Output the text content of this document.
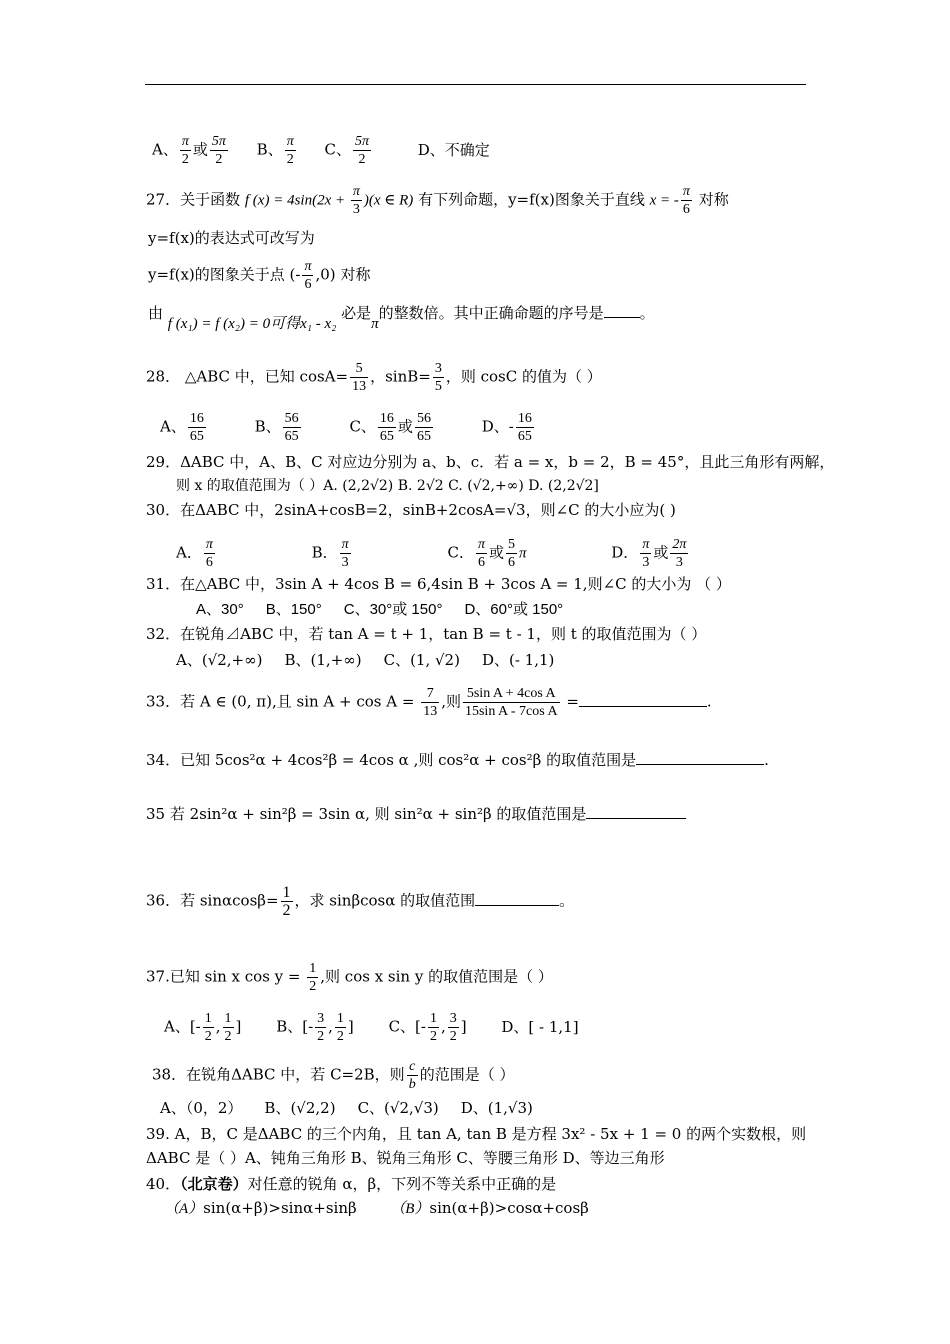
A、 $\frac{\pi}{2}$ 或 $\frac{5\pi}{2}$ B、 $\frac{\pi}{2}$ C、 $\frac{5\pi}{2}$	D、不确定
27．关于函数 f $(x) = 4\sin(2x + \frac{\pi}{3} )(x$ ∈ R) 有下列命题，y=f(x)图象关于直线 x = - $\frac{\pi}{6}$ 对称
y=f(x)的表达式可改写为
y=f(x)的图象关于点 (- $\frac{\pi}{6} ,0$) 对称
由 f (x₁) = f (x₂) = 0可得x₁ - x₂ 必是π的整数倍。其中正确命题的序号是 。
28． △ABC 中，已知 $\cos A= \frac{5}{13}$ ，$\sin B= \frac{3}{5}$ ，则 cosC 的值为（ ）
A、 $\frac{16}{65}$	B、 $\frac{56}{65}$	C、 $\frac{16}{65}$ 或 $\frac{56}{65}$	D、- $\frac{16}{65}$
29．ΔABC 中，A、B、C 对应边分别为 a、b、c．若 a = x，b = 2，B = 45°，且此三角形有两解，
则 x 的取值范围为（ ）A. (2,2√2) B. 2√2 C. (√2,+∞) D. (2,2√2]
30．在ΔABC 中，2sinA+cosB=2，sinB+2cosA=√3，则∠C 的大小应为( )
A． $\frac{\pi}{6}$	B． $\frac{\pi}{3}$	C． $\frac{\pi}{6}$ 或 $\frac{5}{6}$ π	D． $\frac{\pi}{3}$ 或 $\frac{2\pi}{3}$
31．在△ABC 中，3sin A + 4cos B = 6,4sin B + 3cos A = 1,则∠C 的大小为 （ ）
A、30° B、150° C、30°或 150° D、60°或 150°
32．在锐角⊿ABC 中，若 tan A = t + 1，tan B = t - 1，则 t 的取值范围为（ ）
A、(√2,+∞) B、(1,+∞) C、(1, √2) D、(- 1,1)
33．若 A ∈ (0, π),且 $\sin A + \cos A = \frac{7}{13}$ ,则 $\frac{\text{5sin A + 4cos A}}{\text{15sin A - 7cos A}}$ =	.
34．已知 5cos²α + 4cos²β = 4cos α ,则 cos²α + cos²β 的取值范围是	.
35 若 2sin²α + sin²β = 3sin α, 则 sin²α + sin²β 的取值范围是
36．若 $\sin\alpha\cos\beta= \frac{1}{2}$ ，求 sinβcosα 的取值范围	。
37.已知 sin x $\cos y = \frac{1}{2}$ ,则 cos x sin y 的取值范围是（ ）
A、[- $\frac{1}{2}$ , $\frac{1}{2}$ ] B、[- $\frac{3}{2}$ , $\frac{1}{2}$ ] C、[- $\frac{1}{2}$ , $\frac{3}{2}$ ] D、[ - 1,1]
38．在锐角ΔABC 中，若 C=2B，则 $\frac{c}{b}$ 的范围是（ ）
A、（0，2） B、(√2,2) C、(√2,√3) D、(1,√3)
39. A，B，C 是ΔABC 的三个内角，且 tan A, tan B 是方程 3x² - 5x + 1 = 0 的两个实数根，则
ΔABC 是（ ）A、钝角三角形 B、锐角三角形 C、等腰三角形 D、等边三角形
40．（北京卷）对任意的锐角 α，β，下列不等关系中正确的是
（A）sin(α+β)>sinα+sinβ （B）sin(α+β)>cosα+cosβ
